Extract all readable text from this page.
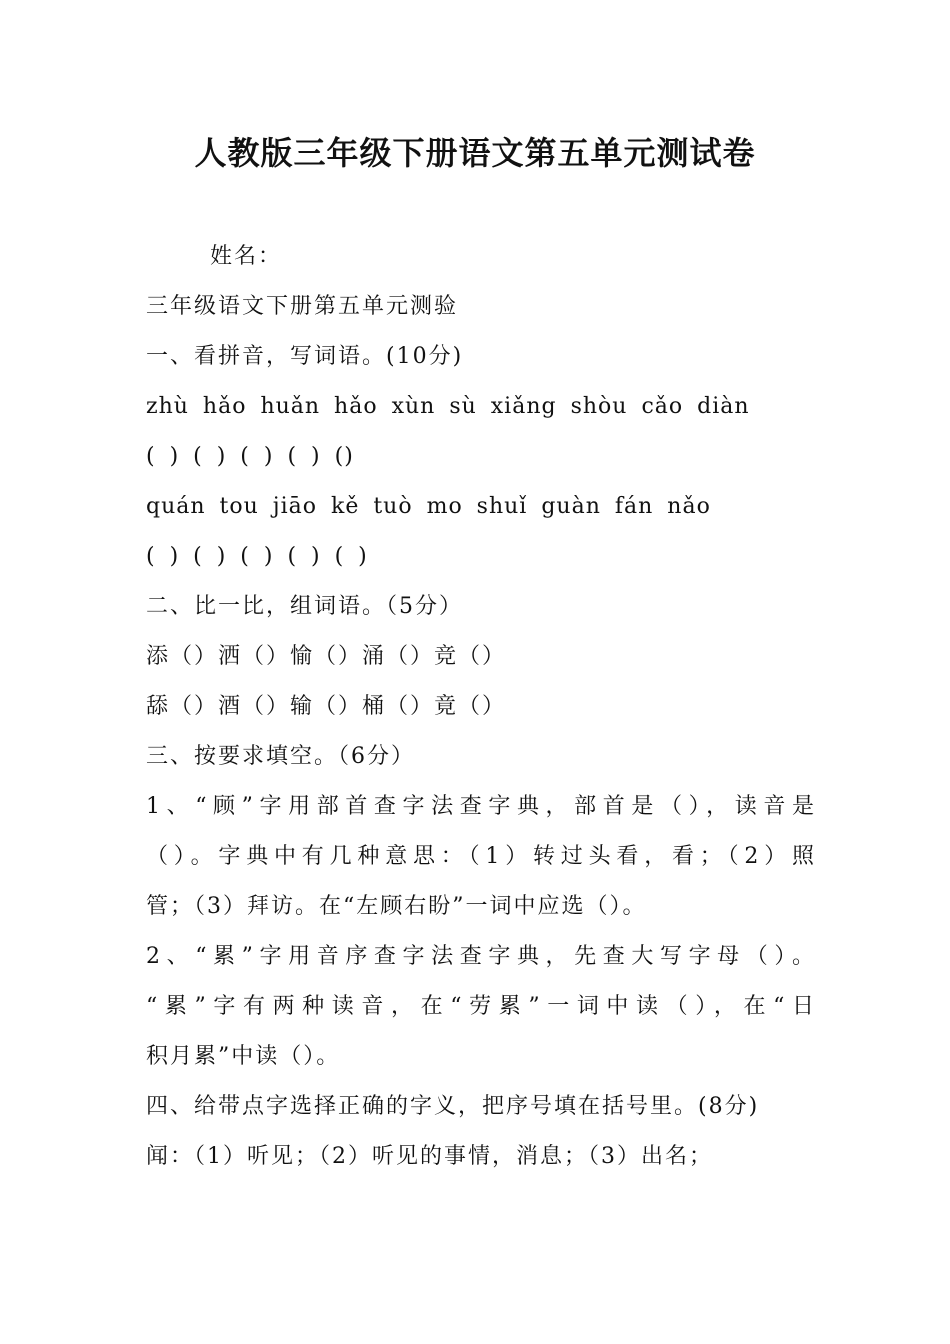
人教版三年级下册语文第五单元测试卷
姓名：
三年级语文下册第五单元测验
一、看拼音，写词语。(10分)
zhù hǎo huǎn hǎo xùn sù xiǎng shòu cǎo diàn
( ) ( ) ( ) ( ) ()
quán tou jiāo kě tuò mo shuǐ guàn fán nǎo
( ) ( ) ( ) ( ) ( )
二、比一比，组词语。（5分）
添（）洒（）愉（）涌（）竞（）
舔（）酒（）输（）桶（）竟（）
三、按要求填空。（6分）
1、“顾”字用部首查字法查字典，部首是（），读音是
（）。字典中有几种意思：（1）转过头看，看；（2）照
管；（3）拜访。在“左顾右盼”一词中应选（）。
2、“累”字用音序查字法查字典，先查大写字母（）。
“累”字有两种读音，在“劳累”一词中读（），在“日
积月累”中读（）。
四、给带点字选择正确的字义，把序号填在括号里。(8分)
闻：（1）听见；（2）听见的事情，消息；（3）出名；
